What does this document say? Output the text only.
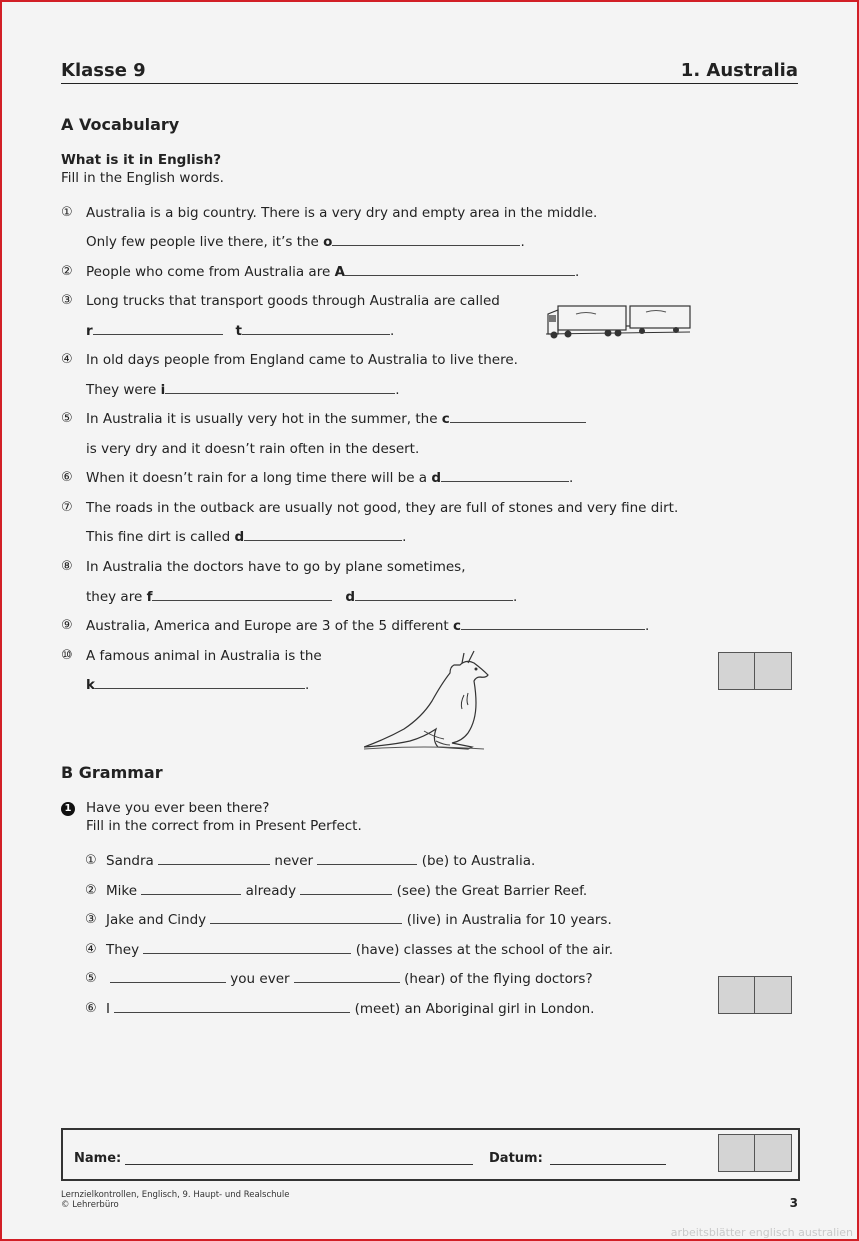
Klasse 9	1. Australia
A Vocabulary
What is it in English?
Fill in the English words.
① Australia is a big country. There is a very dry and empty area in the middle.
Only few people live there, it’s the o	.
② People who come from Australia are A	.
③ Long trucks that transport goods through Australia are called
r	t	.
④ In old days people from England came to Australia to live there.
They were i	.
⑤ In Australia it is usually very hot in the summer, the c
is very dry and it doesn’t rain often in the desert.
⑥ When it doesn’t rain for a long time there will be a d	.
⑦ The roads in the outback are usually not good, they are full of stones and very fine dirt.
This fine dirt is called d	.
⑧ In Australia the doctors have to go by plane sometimes,
they are f	d	.
⑨ Australia, America and Europe are 3 of the 5 different c	.
⑩ A famous animal in Australia is the
k	.
B Grammar
1 Have you ever been there?
Fill in the correct from in Present Perfect.
① Sandra	never	(be) to Australia.
② Mike	already	(see) the Great Barrier Reef.
③ Jake and Cindy	(live) in Australia for 10 years.
④ They	(have) classes at the school of the air.
⑤	you ever	(hear) of the flying doctors?
⑥ I	(meet) an Aboriginal girl in London.
Name:	Datum:
Lernzielkontrollen, Englisch, 9. Haupt- und Realschule
© Lehrerbüro	3
arbeitsblätter englisch australien
